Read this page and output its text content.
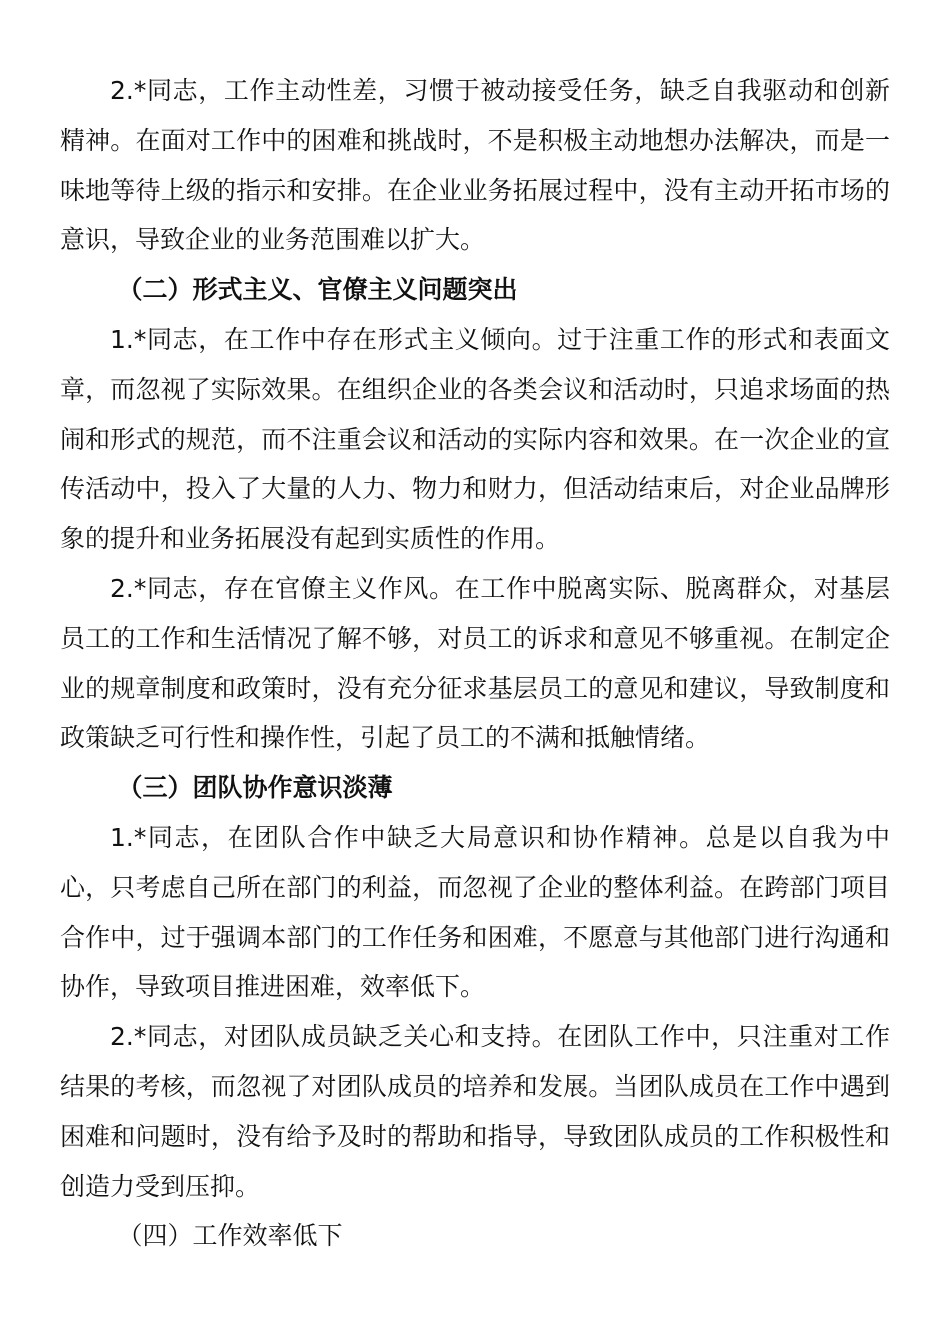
2.*同志，工作主动性差，习惯于被动接受任务，缺乏自我驱动和创新精神。在面对工作中的困难和挑战时，不是积极主动地想办法解决，而是一味地等待上级的指示和安排。在企业业务拓展过程中，没有主动开拓市场的意识，导致企业的业务范围难以扩大。

（二）形式主义、官僚主义问题突出

1.*同志，在工作中存在形式主义倾向。过于注重工作的形式和表面文章，而忽视了实际效果。在组织企业的各类会议和活动时，只追求场面的热闹和形式的规范，而不注重会议和活动的实际内容和效果。在一次企业的宣传活动中，投入了大量的人力、物力和财力，但活动结束后，对企业品牌形象的提升和业务拓展没有起到实质性的作用。

2.*同志，存在官僚主义作风。在工作中脱离实际、脱离群众，对基层员工的工作和生活情况了解不够，对员工的诉求和意见不够重视。在制定企业的规章制度和政策时，没有充分征求基层员工的意见和建议，导致制度和政策缺乏可行性和操作性，引起了员工的不满和抵触情绪。

（三）团队协作意识淡薄

1.*同志，在团队合作中缺乏大局意识和协作精神。总是以自我为中心，只考虑自己所在部门的利益，而忽视了企业的整体利益。在跨部门项目合作中，过于强调本部门的工作任务和困难，不愿意与其他部门进行沟通和协作，导致项目推进困难，效率低下。

2.*同志，对团队成员缺乏关心和支持。在团队工作中，只注重对工作结果的考核，而忽视了对团队成员的培养和发展。当团队成员在工作中遇到困难和问题时，没有给予及时的帮助和指导，导致团队成员的工作积极性和创造力受到压抑。

（四）工作效率低下
